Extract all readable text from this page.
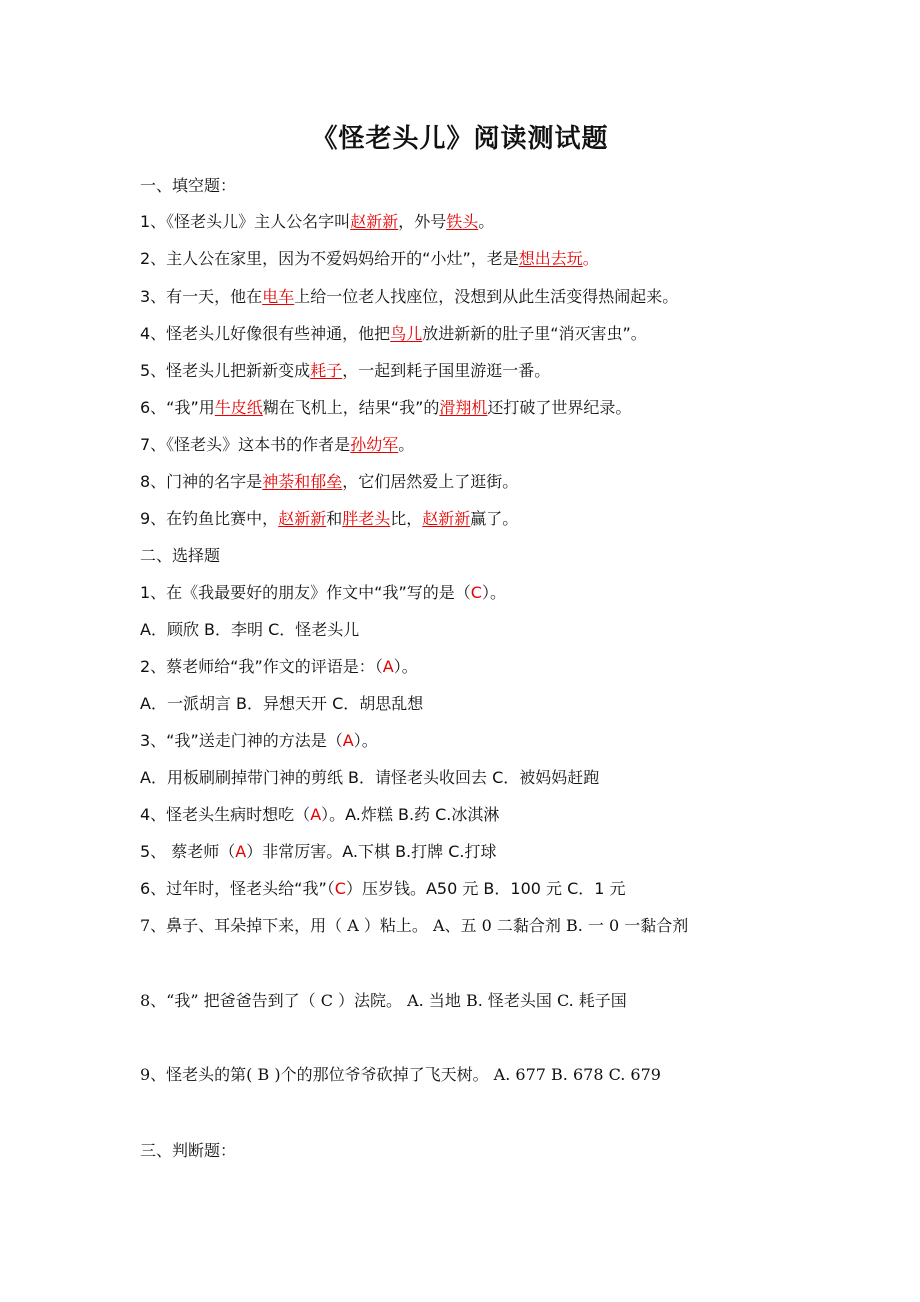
《怪老头儿》阅读测试题
一、填空题：
1、《怪老头儿》主人公名字叫赵新新，外号铁头。
2、主人公在家里，因为不爱妈妈给开的“小灶”，老是想出去玩。
3、有一天，他在电车上给一位老人找座位，没想到从此生活变得热闹起来。
4、怪老头儿好像很有些神通，他把鸟儿放进新新的肚子里“消灭害虫”。
5、怪老头儿把新新变成耗子，一起到耗子国里游逛一番。
6、“我”用牛皮纸糊在飞机上，结果“我”的滑翔机还打破了世界纪录。
7、《怪老头》这本书的作者是孙幼军。
8、门神的名字是神荼和郁垒，它们居然爱上了逛街。
9、在钓鱼比赛中，赵新新和胖老头比，赵新新赢了。
二、选择题
1、在《我最要好的朋友》作文中“我”写的是（C）。
A．顾欣 B．李明 C．怪老头儿
2、蔡老师给“我”作文的评语是：（A）。
A．一派胡言 B．异想天开 C．胡思乱想
3、“我”送走门神的方法是（A）。
A．用板刷刷掉带门神的剪纸 B．请怪老头收回去 C．被妈妈赶跑
4、怪老头生病时想吃（A）。A.炸糕 B.药 C.冰淇淋
5、 蔡老师（A）非常厉害。A.下棋 B.打牌 C.打球
6、过年时，怪老头给“我”（C）压岁钱。A50 元 B．100 元 C．1 元
7、鼻子、耳朵掉下来，用（ A ）粘上。 A、五 0 二黏合剂 B. 一 0 一黏合剂
8、“我” 把爸爸告到了（ C ）法院。 A. 当地 B. 怪老头国 C. 耗子国
9、怪老头的第( B )个的那位爷爷砍掉了飞天树。 A. 677 B. 678 C. 679
三、判断题：
